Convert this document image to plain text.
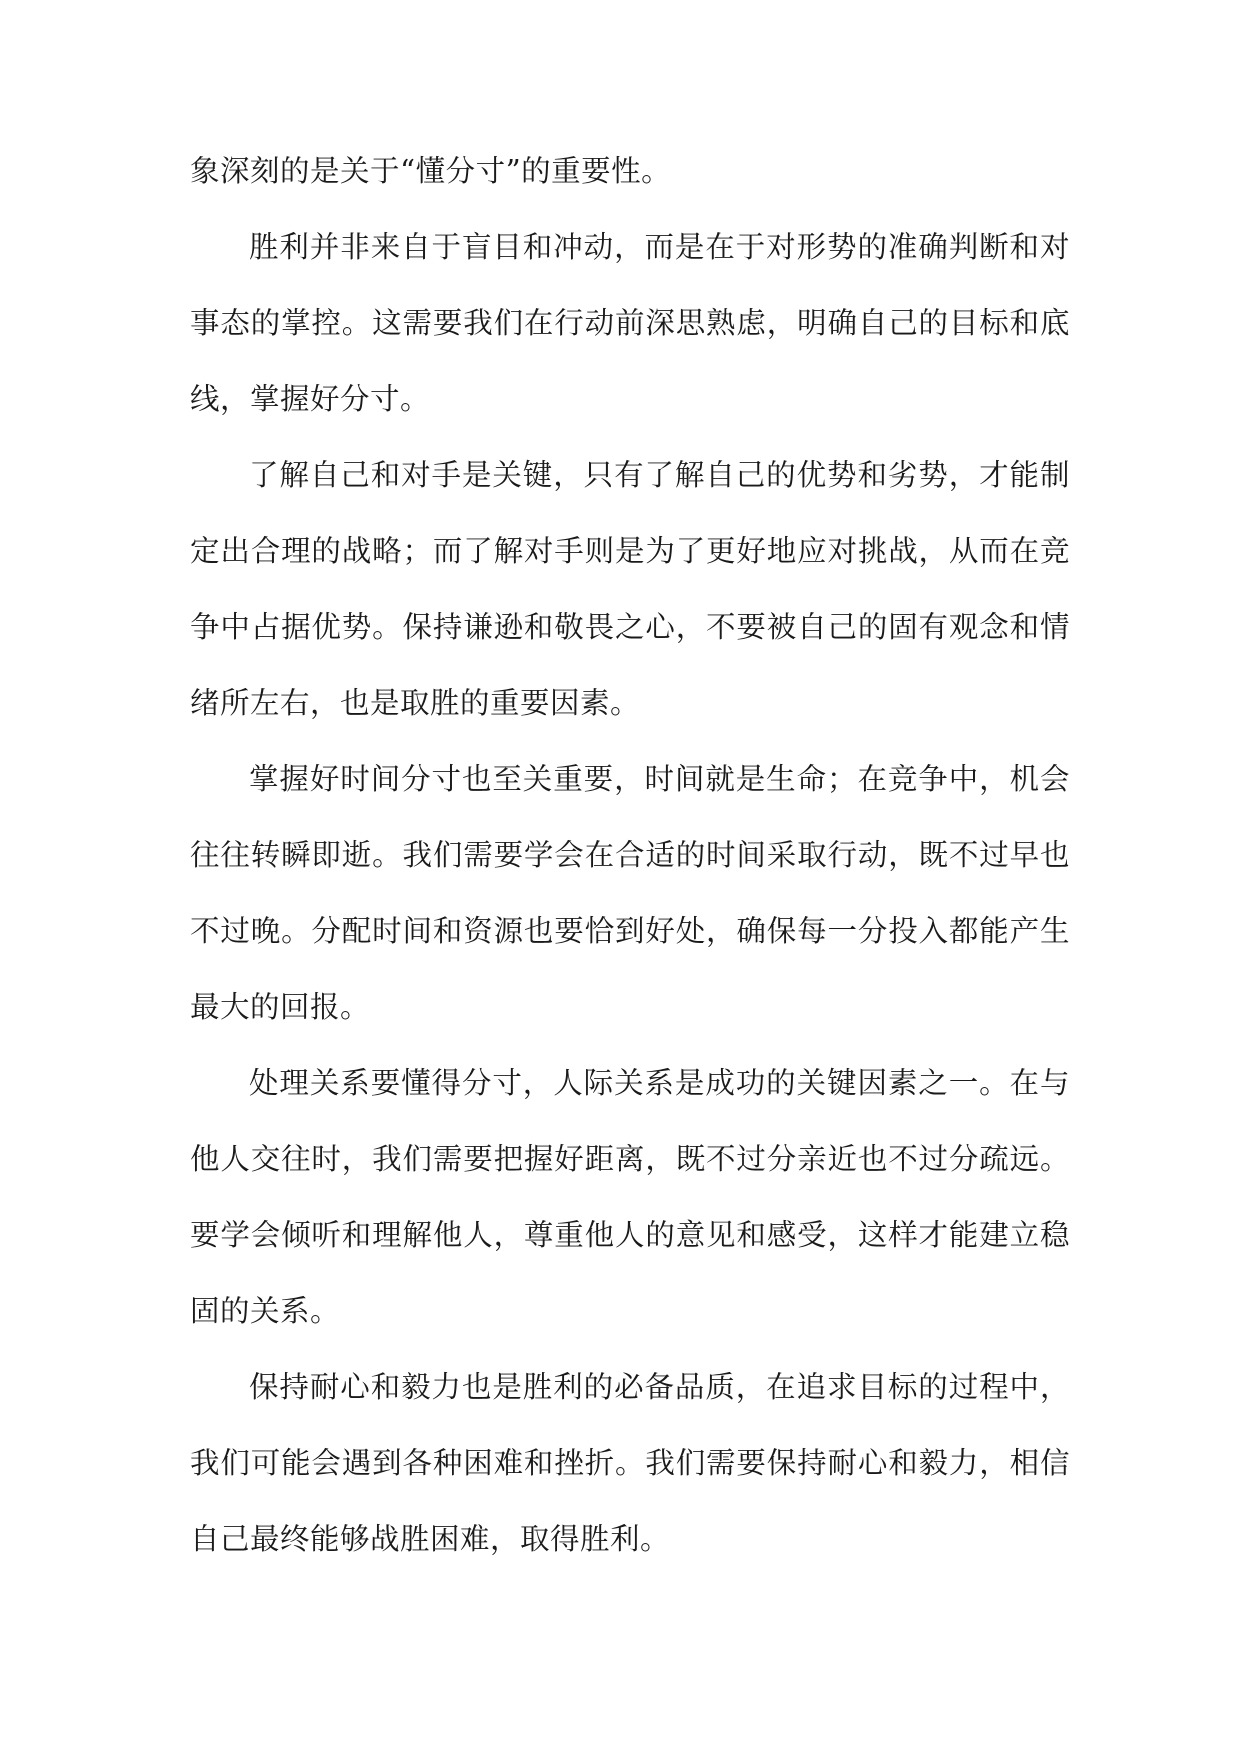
象深刻的是关于“懂分寸”的重要性。

胜利并非来自于盲目和冲动，而是在于对形势的准确判断和对事态的掌控。这需要我们在行动前深思熟虑，明确自己的目标和底线，掌握好分寸。

了解自己和对手是关键，只有了解自己的优势和劣势，才能制定出合理的战略；而了解对手则是为了更好地应对挑战，从而在竞争中占据优势。保持谦逊和敬畏之心，不要被自己的固有观念和情绪所左右，也是取胜的重要因素。

掌握好时间分寸也至关重要，时间就是生命；在竞争中，机会往往转瞬即逝。我们需要学会在合适的时间采取行动，既不过早也不过晚。分配时间和资源也要恰到好处，确保每一分投入都能产生最大的回报。

处理关系要懂得分寸，人际关系是成功的关键因素之一。在与他人交往时，我们需要把握好距离，既不过分亲近也不过分疏远。要学会倾听和理解他人，尊重他人的意见和感受，这样才能建立稳固的关系。

保持耐心和毅力也是胜利的必备品质，在追求目标的过程中，我们可能会遇到各种困难和挫折。我们需要保持耐心和毅力，相信自己最终能够战胜困难，取得胜利。
